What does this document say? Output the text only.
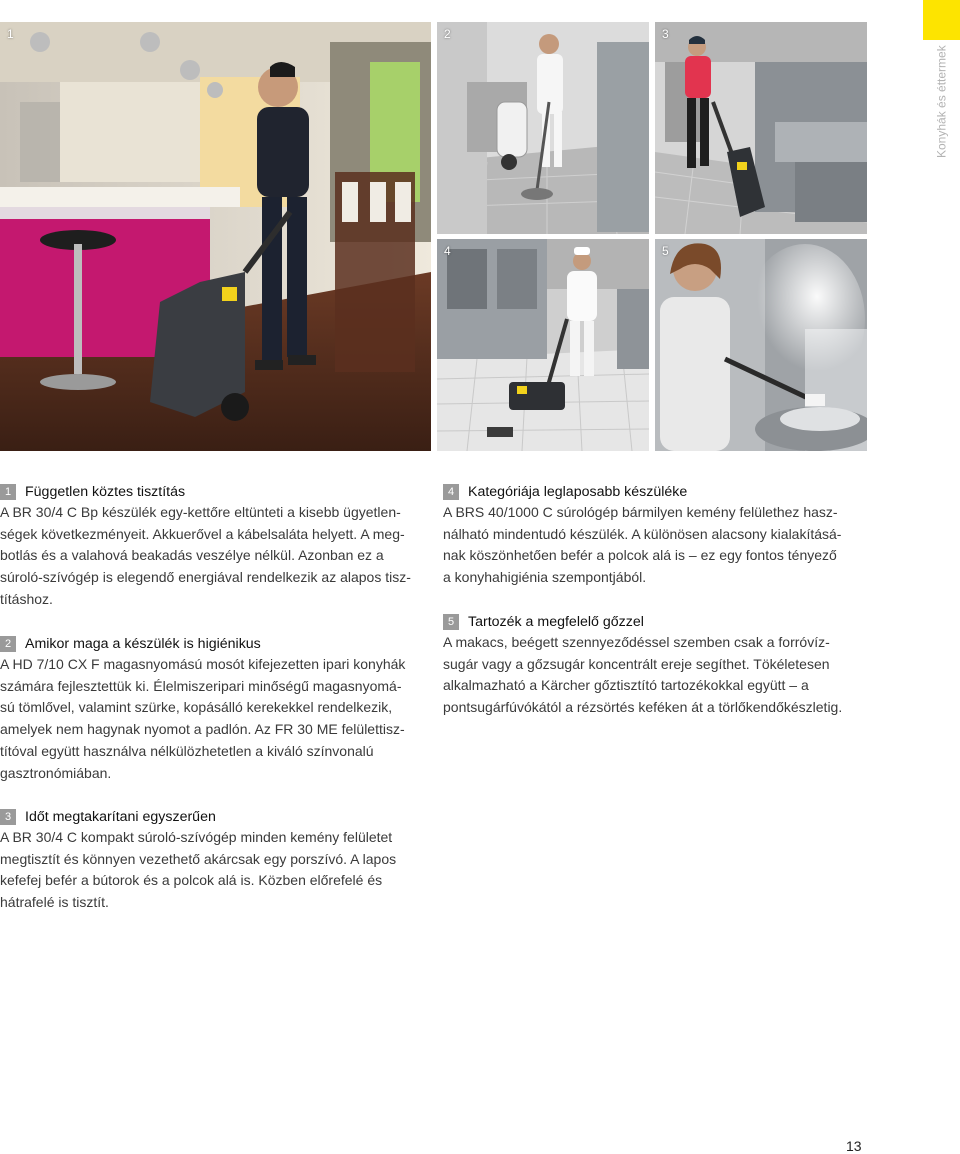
Konyhák és éttermek
1	2	3
4	5
1 Független köztes tisztítás

A BR 30/4 C Bp készülék egy-kettőre eltünteti a kisebb ügyetlen-
ségek következményeit. Akkuerővel a kábelsaláta helyett. A meg-
botlás és a valahová beakadás veszélye nélkül. Azonban ez a
súroló-szívógép is elegendő energiával rendelkezik az alapos tisz-
tításhoz.

2 Amikor maga a készülék is higiénikus

A HD 7/10 CX F magasnyomású mosót kifejezetten ipari konyhák
számára fejlesztettük ki. Élelmiszeripari minőségű magasnyomá-
sú tömlővel, valamint szürke, kopásálló kerekekkel rendelkezik,
amelyek nem hagynak nyomot a padlón. Az FR 30 ME felülettisz-
títóval együtt használva nélkülözhetetlen a kiváló színvonalú
gasztronómiában.

3 Időt megtakarítani egyszerűen

A BR 30/4 C kompakt súroló-szívógép minden kemény felületet
megtisztít és könnyen vezethető akárcsak egy porszívó. A lapos
kefefej befér a bútorok és a polcok alá is. Közben előrefelé és
hátrafelé is tisztít.

4 Kategóriája leglaposabb készüléke

A BRS 40/1000 C súrológép bármilyen kemény felülethez hasz-
nálható mindentudó készülék. A különösen alacsony kialakításá-
nak köszönhetően befér a polcok alá is – ez egy fontos tényező
a konyhahigiénia szempontjából.

5 Tartozék a megfelelő gőzzel

A makacs, beégett szennyeződéssel szemben csak a forróvíz-
sugár vagy a gőzsugár koncentrált ereje segíthet. Tökéletesen
alkalmazható a Kärcher gőztisztító tartozékokkal együtt – a
pontsugárfúvókától a rézsörtés keféken át a törlőkendőkészletig.

13
